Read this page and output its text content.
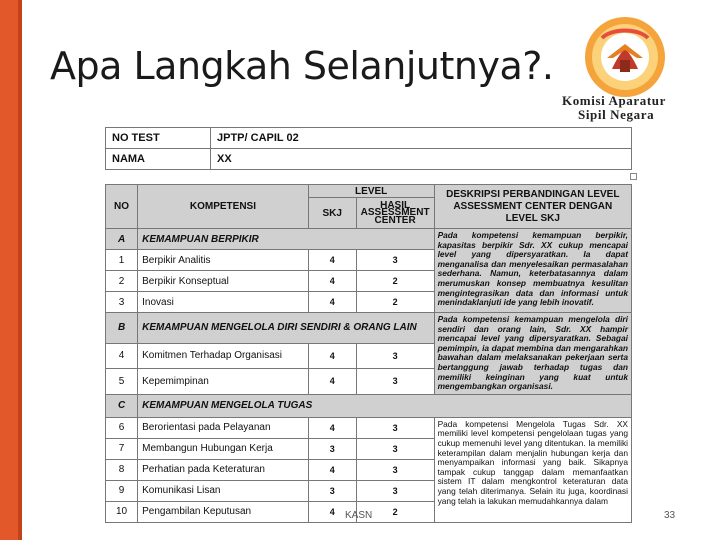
Apa Langkah Selanjutnya?.
Komisi Aparatur
Sipil Negara
NO TEST	JPTP/ CAPIL 02
NAMA	XX
NO	KOMPETENSI	LEVEL		DESKRIPSI PERBANDINGAN LEVEL ASSESSMENT CENTER DENGAN LEVEL SKJ
		SKJ	HASIL ASSESSMENT CENTER	
A	KEMAMPUAN BERPIKIR			Pada kompetensi kemampuan berpikir, kapasitas berpikir Sdr. XX cukup mencapai level yang dipersyaratkan. Ia dapat menganalisa dan menyelesaikan permasalahan sederhana. Namun, keterbatasannya dalam merumuskan konsep membuatnya kesulitan mengintegrasikan data dan informasi untuk menindaklanjuti ide yang lebih inovatif.
1	Berpikir Analitis	4	3	
2	Berpikir Konseptual	4	2	
3	Inovasi	4	2	
B	KEMAMPUAN MENGELOLA DIRI SENDIRI & ORANG LAIN			Pada kompetensi kemampuan mengelola diri sendiri dan orang lain, Sdr. XX hampir mencapai level yang dipersyaratkan. Sebagai pemimpin, ia dapat membina dan mengarahkan bawahan dalam melaksanakan pekerjaan serta bertanggung jawab terhadap tugas dan memiliki keinginan yang kuat untuk mengembangkan organisasi.
4	Komitmen Terhadap Organisasi	4	3	
5	Kepemimpinan	4	3	
C	KEMAMPUAN MENGELOLA TUGAS			
6	Berorientasi pada Pelayanan	4	3	Pada kompetensi Mengelola Tugas Sdr. XX memiliki level kompetensi pengelolaan tugas yang cukup memenuhi level yang ditentukan. Ia memiliki keterampilan dalam menjalin hubungan kerja dan menyampaikan informasi yang baik. Sikapnya tampak cukup tanggap dalam memanfaatkan sistem IT dalam mengkontrol keteraturan data yang telah diterimanya. Selain itu juga, koordinasi yang telah ia lakukan memudahkannya dalam
7	Membangun Hubungan Kerja	3	3	
8	Perhatian pada Keteraturan	4	3	
9	Komunikasi Lisan	3	3	
10	Pengambilan Keputusan	4	2	
KASN	33
